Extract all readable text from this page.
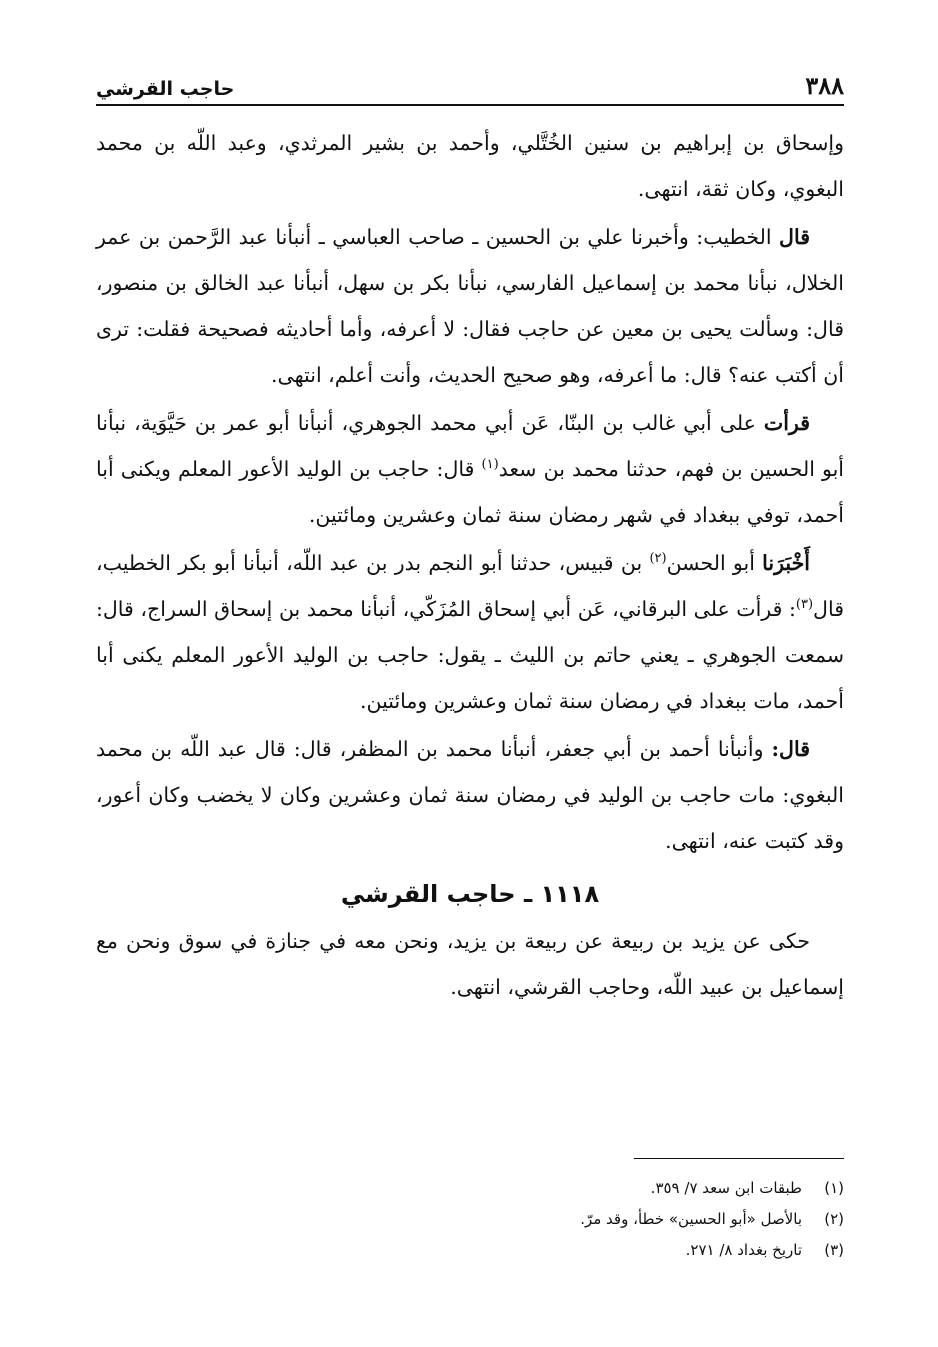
٣٨٨
حاجب القرشي

وإسحاق بن إبراهيم بن سنين الخُتَّلي، وأحمد بن بشير المرثدي، وعبد اللّه بن محمد البغوي، وكان ثقة، انتهى.

قال الخطيب: وأخبرنا علي بن الحسين ـ صاحب العباسي ـ أنبأنا عبد الرَّحمن بن عمر الخلال، نبأنا محمد بن إسماعيل الفارسي، نبأنا بكر بن سهل، أنبأنا عبد الخالق بن منصور، قال: وسألت يحيى بن معين عن حاجب فقال: لا أعرفه، وأما أحاديثه فصحيحة فقلت: ترى أن أكتب عنه؟ قال: ما أعرفه، وهو صحيح الحديث، وأنت أعلم، انتهى.

قرأت على أبي غالب بن البنّا، عَن أبي محمد الجوهري، أنبأنا أبو عمر بن حَيَّوَية، نبأنا أبو الحسين بن فهم، حدثنا محمد بن سعد$^{(١)}$ قال: حاجب بن الوليد الأعور المعلم ويكنى أبا أحمد، توفي ببغداد في شهر رمضان سنة ثمان وعشرين ومائتين.

أَخْبَرَنا أبو الحسن$^{(٢)}$ بن قبيس، حدثنا أبو النجم بدر بن عبد اللّه، أنبأنا أبو بكر الخطيب، قال$^{(٣)}$: قرأت على البرقاني، عَن أبي إسحاق المُزَكّي، أنبأنا محمد بن إسحاق السراج، قال: سمعت الجوهري ـ يعني حاتم بن الليث ـ يقول: حاجب بن الوليد الأعور المعلم يكنى أبا أحمد، مات ببغداد في رمضان سنة ثمان وعشرين ومائتين.

قال: وأنبأنا أحمد بن أبي جعفر، أنبأنا محمد بن المظفر، قال: قال عبد اللّه بن محمد البغوي: مات حاجب بن الوليد في رمضان سنة ثمان وعشرين وكان لا يخضب وكان أعور، وقد كتبت عنه، انتهى.

١١١٨ ـ حاجب القرشي

حكى عن يزيد بن ربيعة عن ربيعة بن يزيد، ونحن معه في جنازة في سوق ونحن مع إسماعيل بن عبيد اللّه، وحاجب القرشي، انتهى.

(١)
طبقات ابن سعد ٧/ ٣٥٩.
(٢)
بالأصل «أبو الحسين» خطأ، وقد مرّ.
(٣)
تاريخ بغداد ٨/ ٢٧١.
